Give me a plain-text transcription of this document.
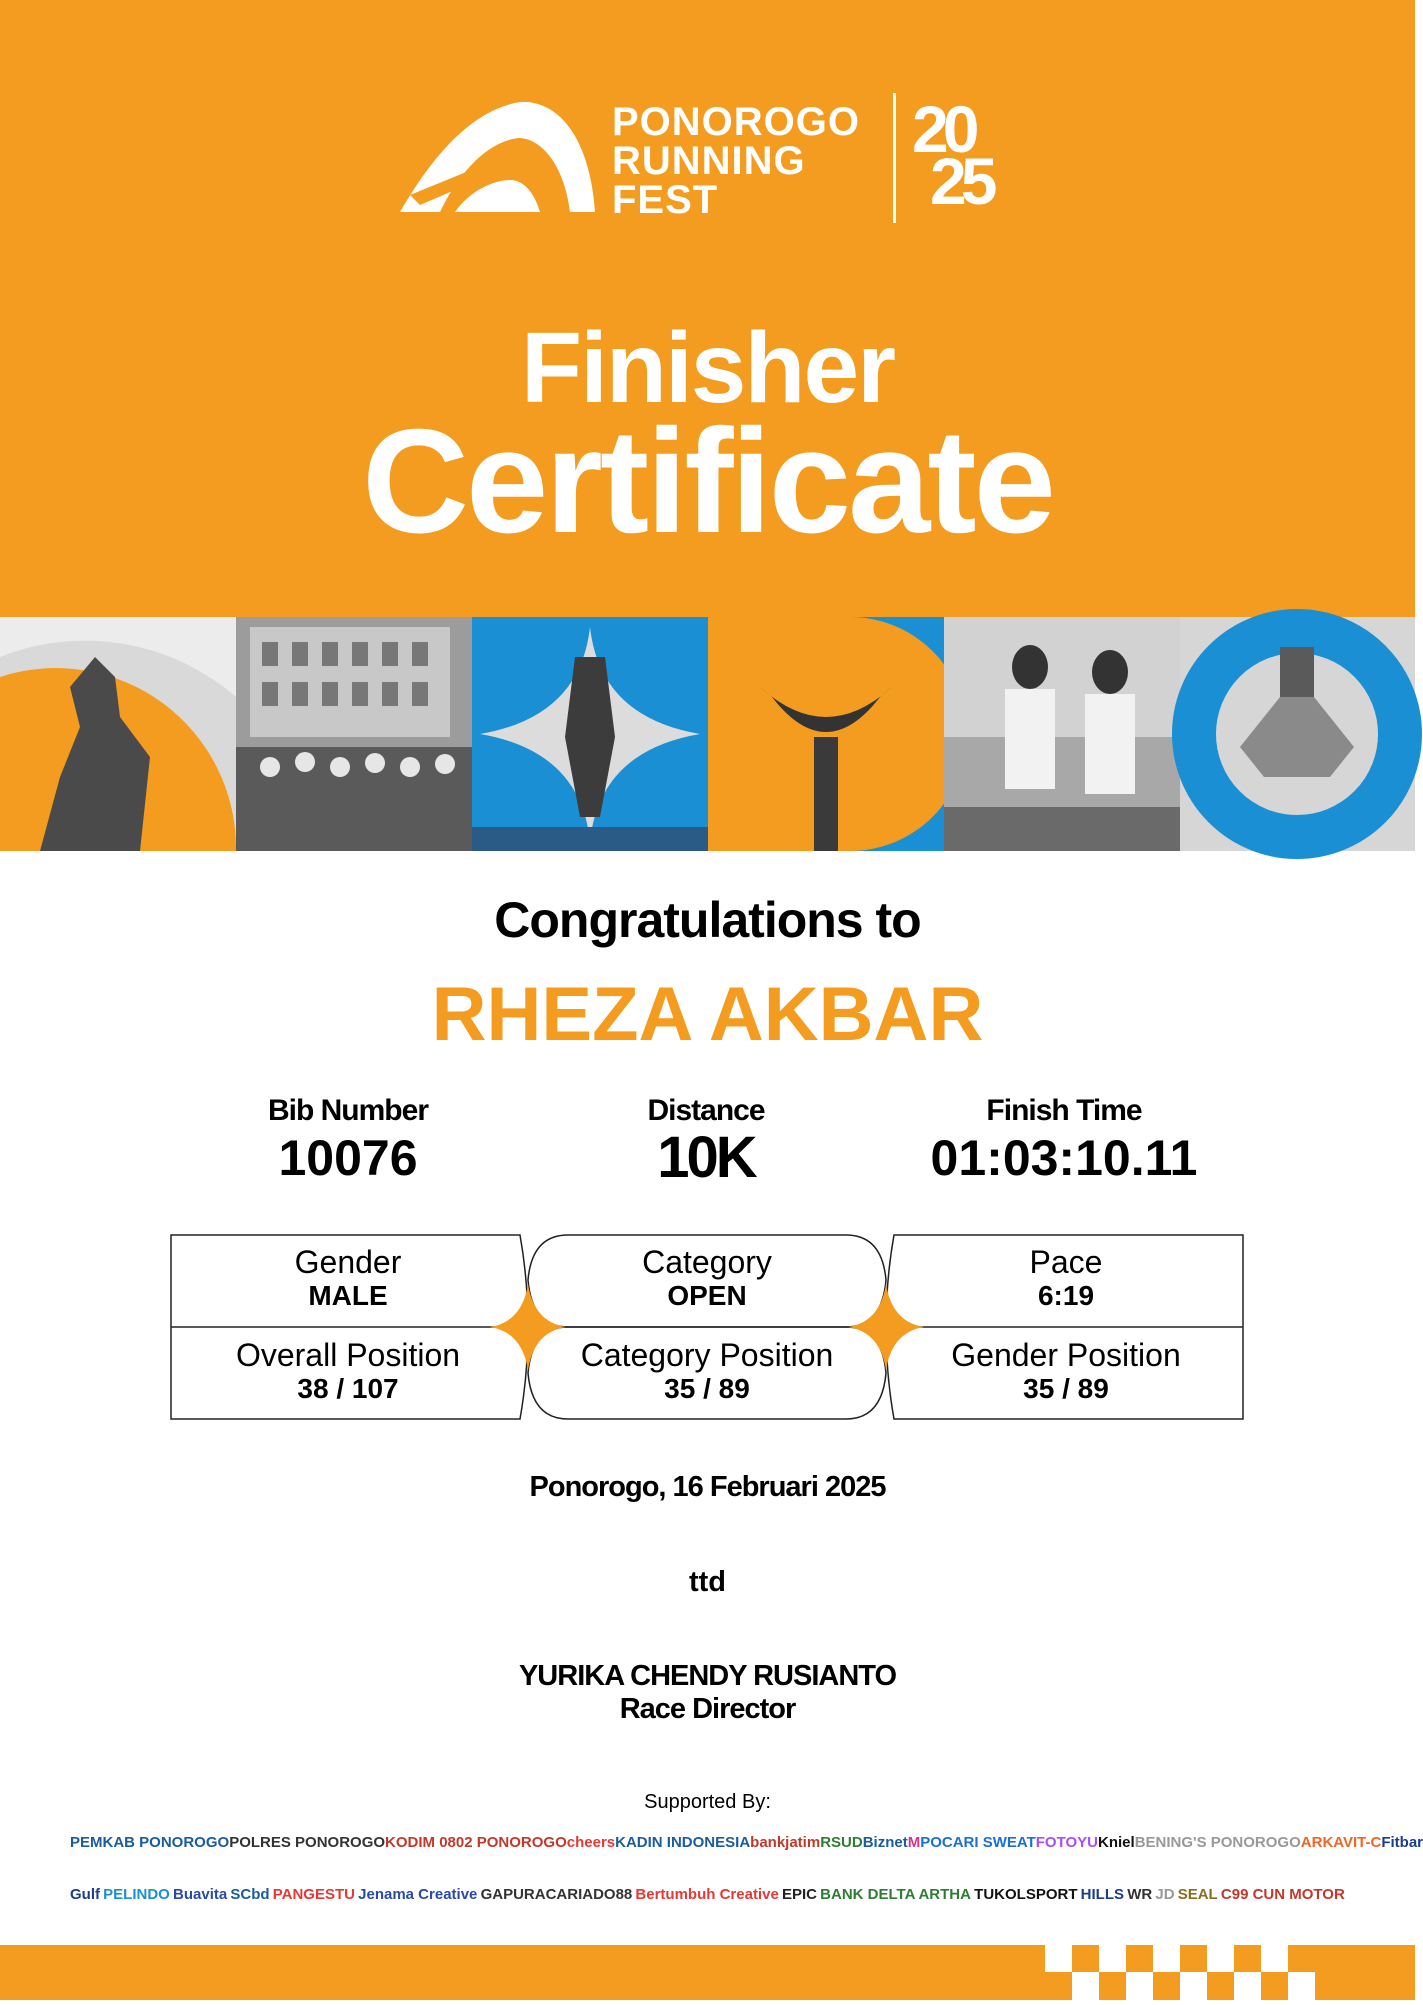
PONOROGO
RUNNING
FEST
20
25
Finisher
Certificate
Congratulations to
RHEZA AKBAR
Bib Number
10076
Distance
10K
Finish Time
01:03:10.11
Gender
MALE
Category
OPEN
Pace
6:19
Overall Position
38 / 107
Category Position
35 / 89
Gender Position
35 / 89
Ponorogo, 16 Februari 2025
ttd
YURIKA CHENDY RUSIANTO
Race Director
Supported By:
PEMKAB PONOROGO POLRES PONOROGO KODIM 0802 PONOROGO cheers KADIN INDONESIA bankjatim RSUD Biznet M POCARI SWEAT FOTOYU Kniel BENING'S PONOROGO ARKAVIT-C Fitbar
Gulf PELINDO Buavita SCbd PANGESTU Jenama Creative GAPURACARIADO88 Bertumbuh Creative EPIC BANK DELTA ARTHA TUKOLSPORT HILLS WR JD SEAL C99 CUN MOTOR
